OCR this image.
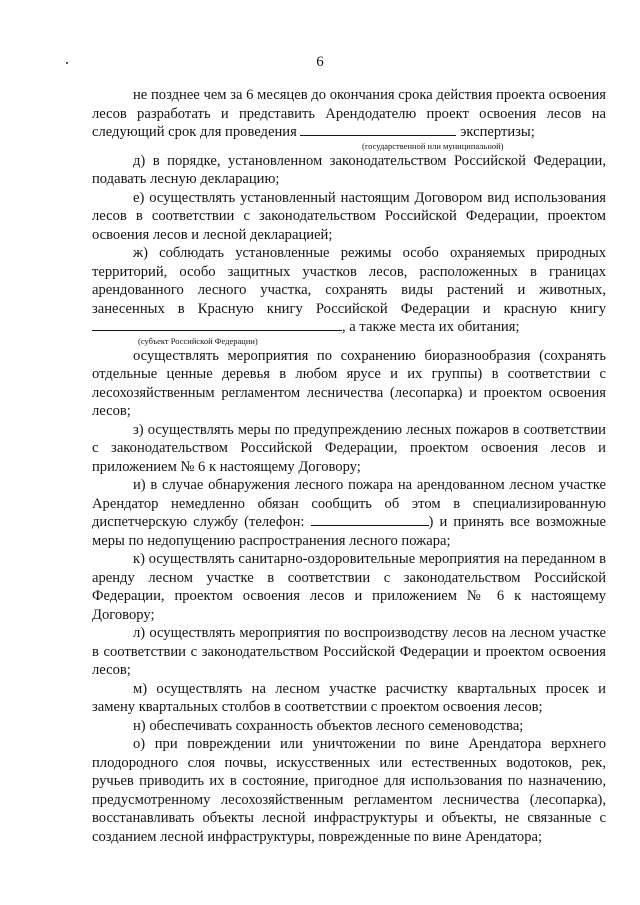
6

не позднее чем за 6 месяцев до окончания срока действия проекта освоения лесов разработать и представить Арендодателю проект освоения лесов на следующий срок для проведения	экспертизы;

(государственной или муниципальной)

д) в порядке, установленном законодательством Российской Федерации, подавать лесную декларацию;

е) осуществлять установленный настоящим Договором вид использования лесов в соответствии с законодательством Российской Федерации, проектом освоения лесов и лесной декларацией;

ж) соблюдать установленные режимы особо охраняемых природных территорий, особо защитных участков лесов, расположенных в границах арендованного лесного участка, сохранять виды растений и животных, занесенных в Красную книгу Российской Федерации и красную книгу , а также места их обитания;

(субъект Российской Федерации)

осуществлять мероприятия по сохранению биоразнообразия (сохранять отдельные ценные деревья в любом ярусе и их группы) в соответствии с лесохозяйственным регламентом лесничества (лесопарка) и проектом освоения лесов;

з) осуществлять меры по предупреждению лесных пожаров в соответствии с законодательством Российской Федерации, проектом освоения лесов и приложением № 6 к настоящему Договору;

и) в случае обнаружения лесного пожара на арендованном лесном участке Арендатор немедленно обязан сообщить об этом в специализированную диспетчерскую службу (телефон:	) и принять все возможные меры по недопущению распространения лесного пожара;

к) осуществлять санитарно-оздоровительные мероприятия на переданном в аренду лесном участке в соответствии с законодательством Российской Федерации, проектом освоения лесов и приложением № 6 к настоящему Договору;

л) осуществлять мероприятия по воспроизводству лесов на лесном участке в соответствии с законодательством Российской Федерации и проектом освоения лесов;

м) осуществлять на лесном участке расчистку квартальных просек и замену квартальных столбов в соответствии с проектом освоения лесов;

н) обеспечивать сохранность объектов лесного семеноводства;

о) при повреждении или уничтожении по вине Арендатора верхнего плодородного слоя почвы, искусственных или естественных водотоков, рек, ручьев приводить их в состояние, пригодное для использования по назначению, предусмотренному лесохозяйственным регламентом лесничества (лесопарка), восстанавливать объекты лесной инфраструктуры и объекты, не связанные с созданием лесной инфраструктуры, поврежденные по вине Арендатора;
